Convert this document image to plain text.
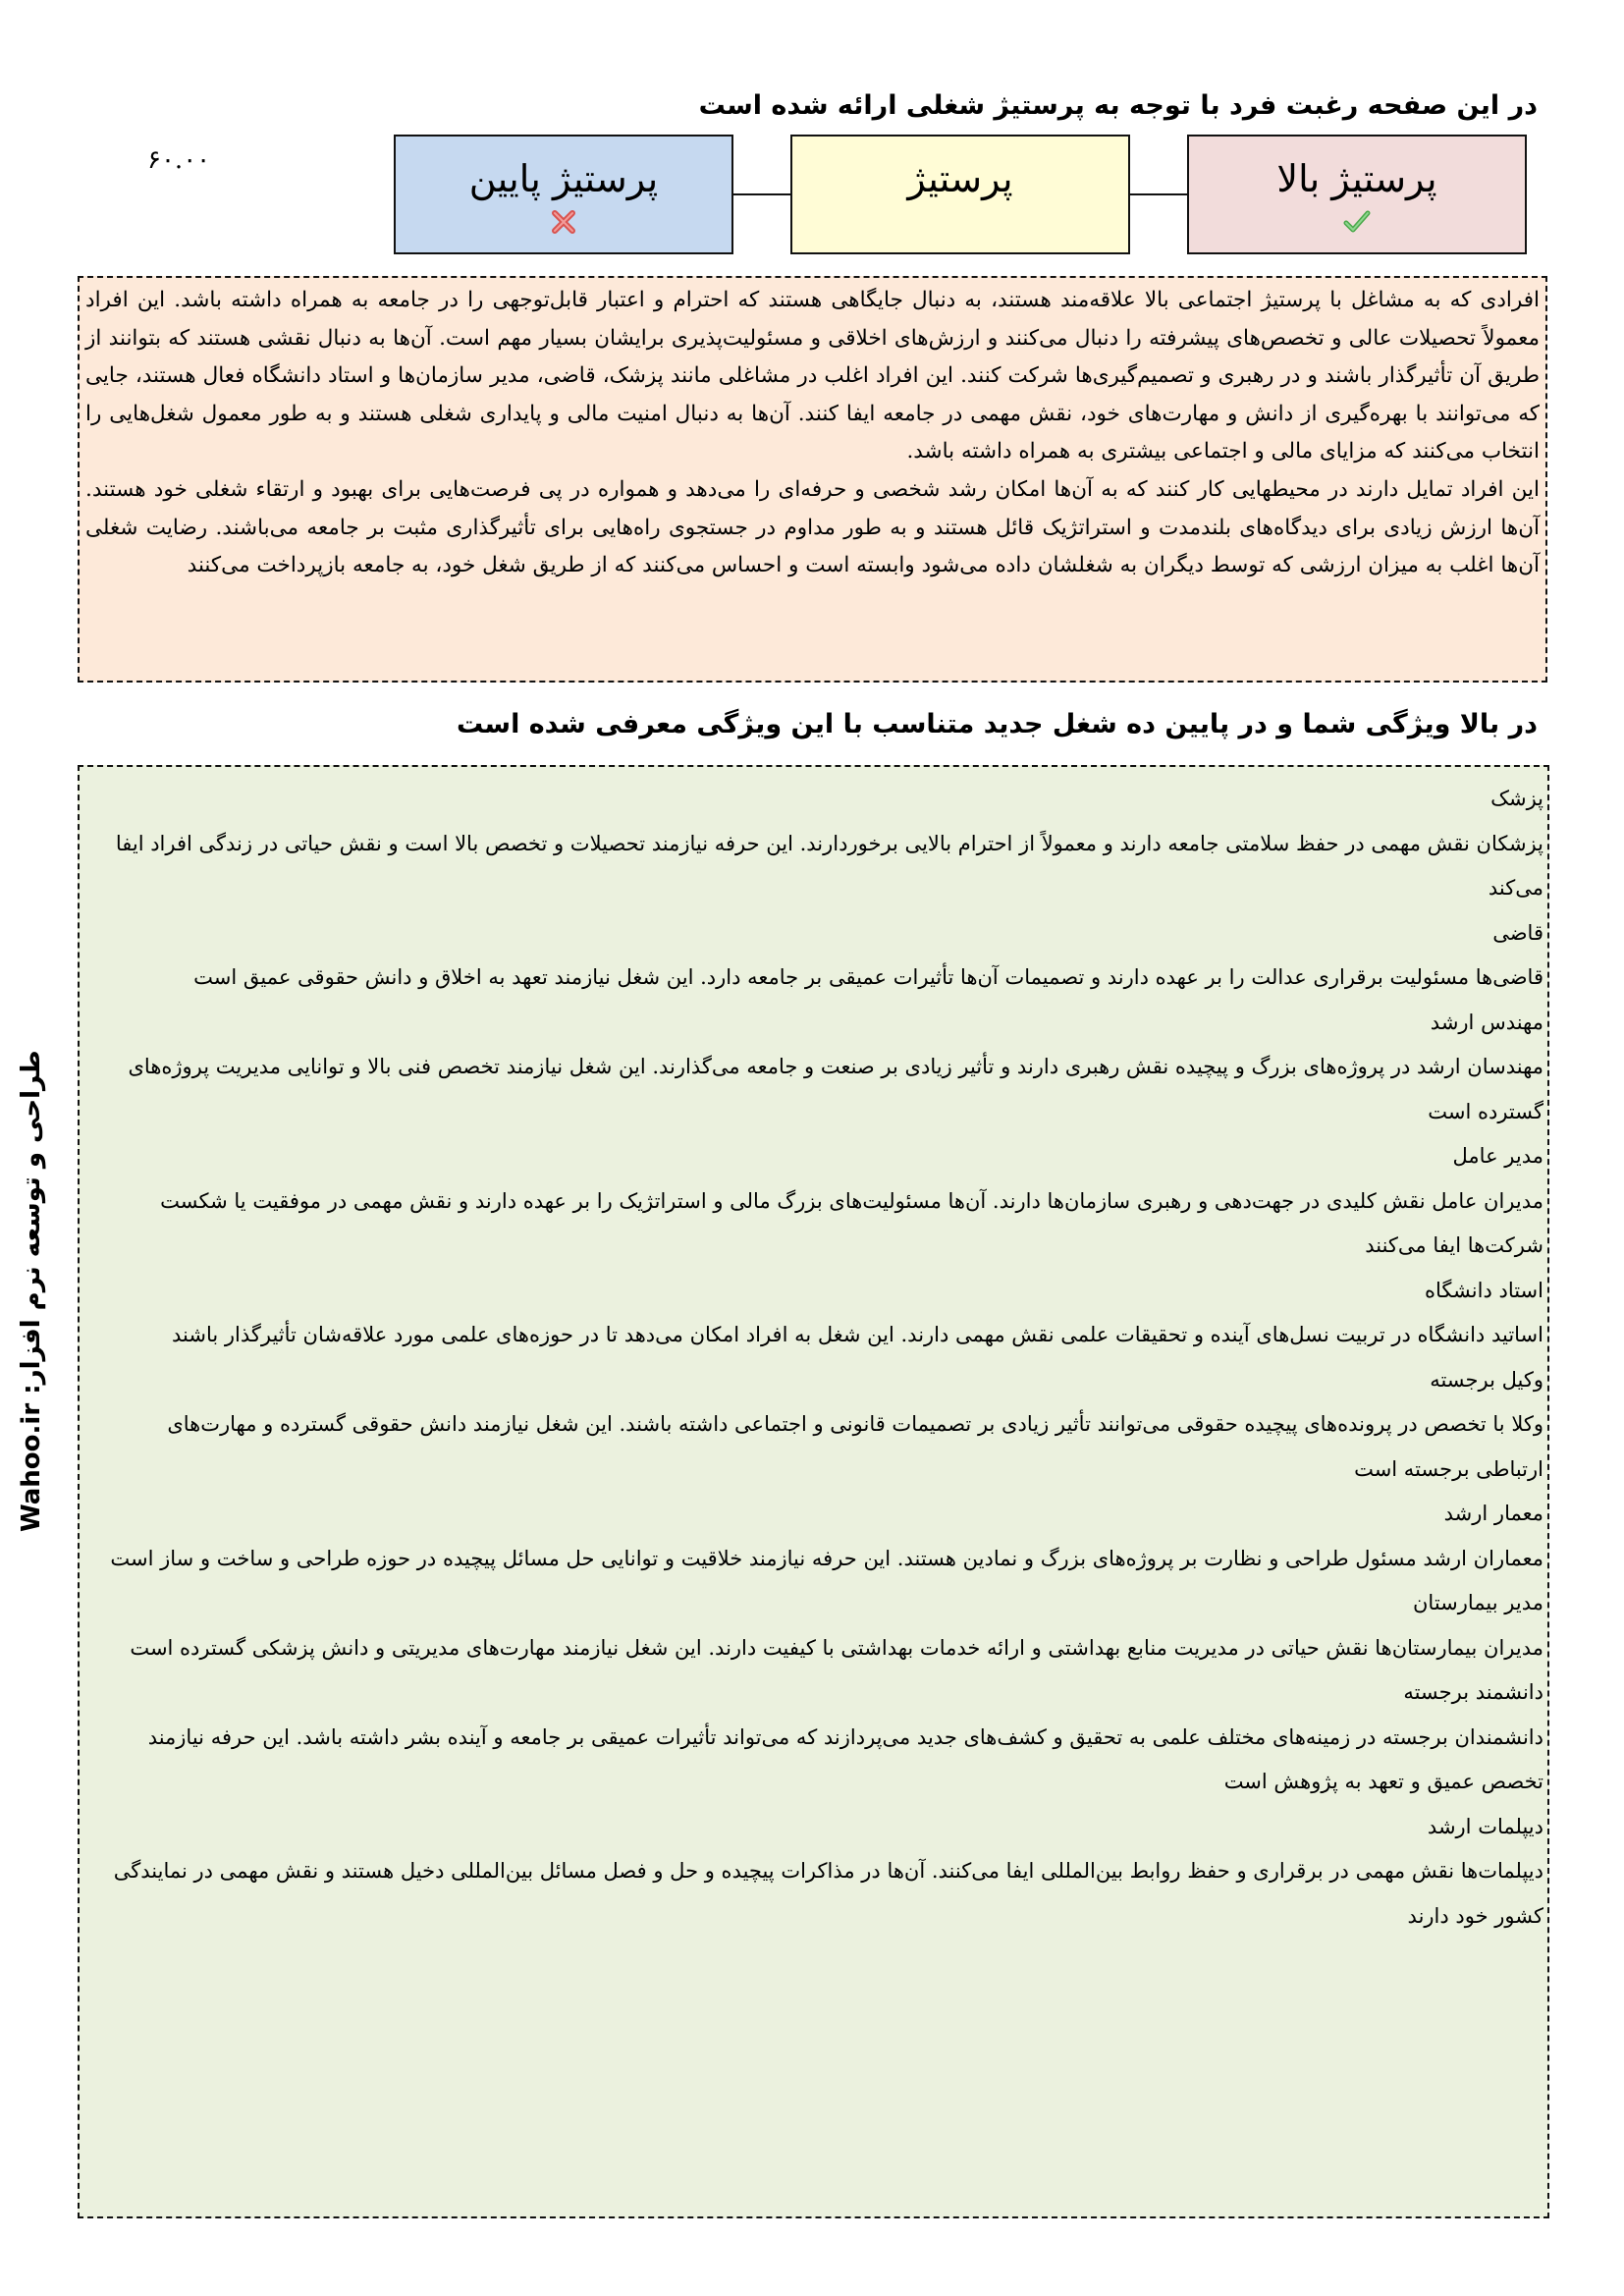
در این صفحه رغبت فرد با توجه به پرستیژ شغلی ارائه شده است
۶۰.۰۰	پرستیژ بالا
پرستیژ
پرستیژ پایین

افرادی که به مشاغل با پرستیژ اجتماعی بالا علاقه‌مند هستند، به دنبال جایگاهی هستند که احترام و اعتبار قابل‌توجهی را در جامعه به همراه داشته باشد. این افراد معمولاً تحصیلات عالی و تخصص‌های پیشرفته را دنبال می‌کنند و ارزش‌های اخلاقی و مسئولیت‌پذیری برایشان بسیار مهم است. آن‌ها به دنبال نقشی هستند که بتوانند از طریق آن تأثیرگذار باشند و در رهبری و تصمیم‌گیری‌ها شرکت کنند. این افراد اغلب در مشاغلی مانند پزشک، قاضی، مدیر سازمان‌ها و استاد دانشگاه فعال هستند، جایی که می‌توانند با بهره‌گیری از دانش و مهارت‌های خود، نقش مهمی در جامعه ایفا کنند. آن‌ها به دنبال امنیت مالی و پایداری شغلی هستند و به طور معمول شغل‌هایی را انتخاب می‌کنند که مزایای مالی و اجتماعی بیشتری به همراه داشته باشد.

این افراد تمایل دارند در محیطهایی کار کنند که به آن‌ها امکان رشد شخصی و حرفه‌ای را می‌دهد و همواره در پی فرصت‌هایی برای بهبود و ارتقاء شغلی خود هستند. آن‌ها ارزش زیادی برای دیدگاه‌های بلندمدت و استراتژیک قائل هستند و به طور مداوم در جستجوی راه‌هایی برای تأثیرگذاری مثبت بر جامعه می‌باشند. رضایت شغلی آن‌ها اغلب به میزان ارزشی که توسط دیگران به شغلشان داده می‌شود وابسته است و احساس می‌کنند که از طریق شغل خود، به جامعه بازپرداخت می‌کنند

در بالا ویژگی شما و در پایین ده شغل جدید متناسب با این ویژگی معرفی شده است

پزشک

پزشکان نقش مهمی در حفظ سلامتی جامعه دارند و معمولاً از احترام بالایی برخوردارند. این حرفه نیازمند تحصیلات و تخصص بالا است و نقش حیاتی در زندگی افراد ایفا می‌کند

قاضی

قاضی‌ها مسئولیت برقراری عدالت را بر عهده دارند و تصمیمات آن‌ها تأثیرات عمیقی بر جامعه دارد. این شغل نیازمند تعهد به اخلاق و دانش حقوقی عمیق است

مهندس ارشد

مهندسان ارشد در پروژه‌های بزرگ و پیچیده نقش رهبری دارند و تأثیر زیادی بر صنعت و جامعه می‌گذارند. این شغل نیازمند تخصص فنی بالا و توانایی مدیریت پروژه‌های گسترده است

مدیر عامل

مدیران عامل نقش کلیدی در جهت‌دهی و رهبری سازمان‌ها دارند. آن‌ها مسئولیت‌های بزرگ مالی و استراتژیک را بر عهده دارند و نقش مهمی در موفقیت یا شکست شرکت‌ها ایفا می‌کنند

استاد دانشگاه

اساتید دانشگاه در تربیت نسل‌های آینده و تحقیقات علمی نقش مهمی دارند. این شغل به افراد امکان می‌دهد تا در حوزه‌های علمی مورد علاقه‌شان تأثیرگذار باشند

وکیل برجسته

وکلا با تخصص در پرونده‌های پیچیده حقوقی می‌توانند تأثیر زیادی بر تصمیمات قانونی و اجتماعی داشته باشند. این شغل نیازمند دانش حقوقی گسترده و مهارت‌های ارتباطی برجسته است

معمار ارشد

معماران ارشد مسئول طراحی و نظارت بر پروژه‌های بزرگ و نمادین هستند. این حرفه نیازمند خلاقیت و توانایی حل مسائل پیچیده در حوزه طراحی و ساخت و ساز است

مدیر بیمارستان

مدیران بیمارستان‌ها نقش حیاتی در مدیریت منابع بهداشتی و ارائه خدمات بهداشتی با کیفیت دارند. این شغل نیازمند مهارت‌های مدیریتی و دانش پزشکی گسترده است

دانشمند برجسته

دانشمندان برجسته در زمینه‌های مختلف علمی به تحقیق و کشف‌های جدید می‌پردازند که می‌تواند تأثیرات عمیقی بر جامعه و آینده بشر داشته باشد. این حرفه نیازمند تخصص عمیق و تعهد به پژوهش است

دیپلمات ارشد

دیپلمات‌ها نقش مهمی در برقراری و حفظ روابط بین‌المللی ایفا می‌کنند. آن‌ها در مذاکرات پیچیده و حل و فصل مسائل بین‌المللی دخیل هستند و نقش مهمی در نمایندگی کشور خود دارند

Wahoo.ir طراحی و توسعه نرم افزار:
